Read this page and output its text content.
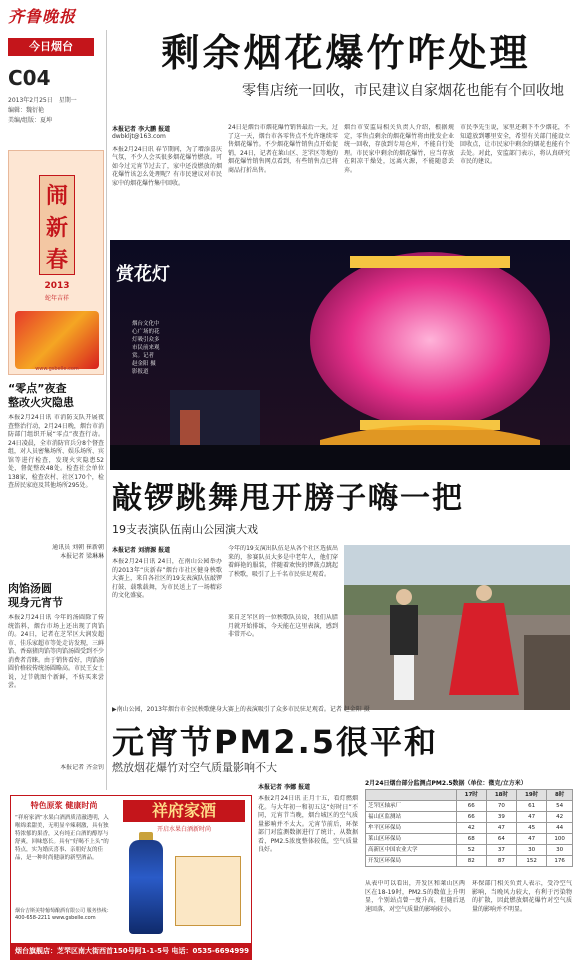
齐鲁晚报
今日烟台
C04
2013年2月25日　星期一
编辑：魏衍艳
美编/组版：夏坤
闹
新
春
2013
蛇年吉祥
www.gsbelle.com
“零点”夜查
整改火灾隐患
本报2月24日讯 市消防支队开展夜查整治行动，2月24日晚，烟台市消防部门组织开展“零点”夜查行动。24日凌晨，全市消防官兵分8个督查组，对人员密集场所、娱乐场所、宾馆等进行检查，发现火灾隐患52处，督促整改48处。检查社会单位138家，检查农村、社区170个，检查居民家庭及其他场所295处。
通讯员 刘朝 崔新朝
本报记者 梁琳琳
肉馅汤圆
现身元宵节
本报2月24日讯 今年的汤圆除了传统馅料，烟台市场上还出现了肉馅的。24日，记者在芝罘区大润发超市、佳乐家超市等处走访发现，三鲜馅、香菇猪肉馅等肉馅汤圆受到不少消费者青睐。由于销售看好，肉馅汤圆价格较传统汤圆略高。市民王女士说，过节就图个新鲜，不妨买来尝尝。
本报记者 齐金钊
剩余烟花爆竹咋处理
零售店统一回收，市民建议自家烟花也能有个回收地
本报记者 李大鹏 报道
dwbkljt@163.com
本报2月24日讯 春节期间，为了增添喜庆气氛，不少人会买很多烟花爆竹燃放。可如今过元宵节过去了，家中还没燃放的烟花爆竹该怎么处理呢？有市民建议对市民家中的烟花爆竹集中回收。
24日是烟台市烟花爆竹销售最后一天，过了这一天，烟台市各零售点不允许继续零售烟花爆竹。不少烟花爆竹销售点开始促销，24日，记者在莱山区、芝罘区等地的烟花爆竹销售网点看到，有些销售点已将商品打折出售。
烟台市安监局相关负责人介绍，根据规定，零售点剩余的烟花爆竹将由批发企业统一回收，存放到专用仓库，不能自行处理。市民家中剩余的烟花爆竹，应当存放在阴凉干燥处，远离火源，不能随意丢弃。
市民李先生说，家里还剩下不少烟花，不知道放到哪里安全，希望有关部门能设立回收点，让市民家中剩余的烟花也能有个去处。对此，安监部门表示，将认真研究市民的建议。
赏花灯
烟台文化中心广场的花灯吸引众多市民前来观赏。记者 赵金阳 摄影报道
敲锣跳舞甩开膀子嗨一把
19支表演队伍南山公园演大戏
本报记者 刘清源 报道
本报2月24日讯 24日，在南山公园举办的2013年“庆新春”烟台市社区健身秧歌大赛上，来自各社区的19支表演队伍敲锣打鼓、载歌载舞，为市民送上了一场精彩的文化盛宴。
今年的19支演出队伍是从各个社区选拔出来的，参赛队员大多是中老年人，他们穿着鲜艳的服装，伴随着欢快的锣鼓点跳起了秧歌，吸引了上千名市民驻足观看。
来自芝罘区的一位秧歌队员说，我们从腊月就开始排练，今天能在这里表演，感到非常开心。
▶南山公园，2013年烟台市全民秧歌健身大赛上的表演吸引了众多市民驻足观看。记者 赵金阳 摄
元宵节PM2.5很平和
燃放烟花爆竹对空气质量影响不大
本报记者 李娜 报道
本报2月24日讯 正月十五，看灯燃烟花。与大年初一和初五这“好时日”不同，元宵节当晚，烟台城区的空气质量影响并不太大。元宵节前后，环保部门对监测数据进行了统计，从数据看，PM2.5浓度整体较低，空气质量良好。
从表中可以看出，开发区和莱山区两区在18-19时，PM2.5的数值上升明显，个别站点曾一度升高，但随后迅速回落，对空气质量的影响较小。
环保部门相关负责人表示，受冷空气影响，当晚风力较大，有利于污染物的扩散，因此燃放烟花爆竹对空气质量的影响并不明显。
2月24日烟台部分监测点PM2.5数据（单位：微克/立方米）
	17时	18时	19时	8时
芝罘区轴承厂	66	70	61	54
福山区监测站	66	39	47	42
牟平区环保局	42	47	45	44
莱山区环保局	68	64	47	100
高新区中国农业大学	52	37	30	30
开发区环保局	82	87	152	176
特色原浆 健康时尚
“祥府家酒”水果白酒酒质清澈透明，入喉绵柔甜美，无明显辛辣刺激，具有独特浓郁的果香，又有纯正白酒的醇厚与舒爽，回味悠长。具有“好喝不上头”的特点，实为婚庆喜事、亲朋好友的佳品，是一种时尚健康的新型酒品。
祥府家酒
开启水果白酒新时尚
烟台吉斯美特葡萄酿酒有限公司 服务热线：400-658-2211 www.gsbelle.com
烟台旗舰店：芝罘区南大街西首150号阿1-1-5号 电话：0535-6694999
